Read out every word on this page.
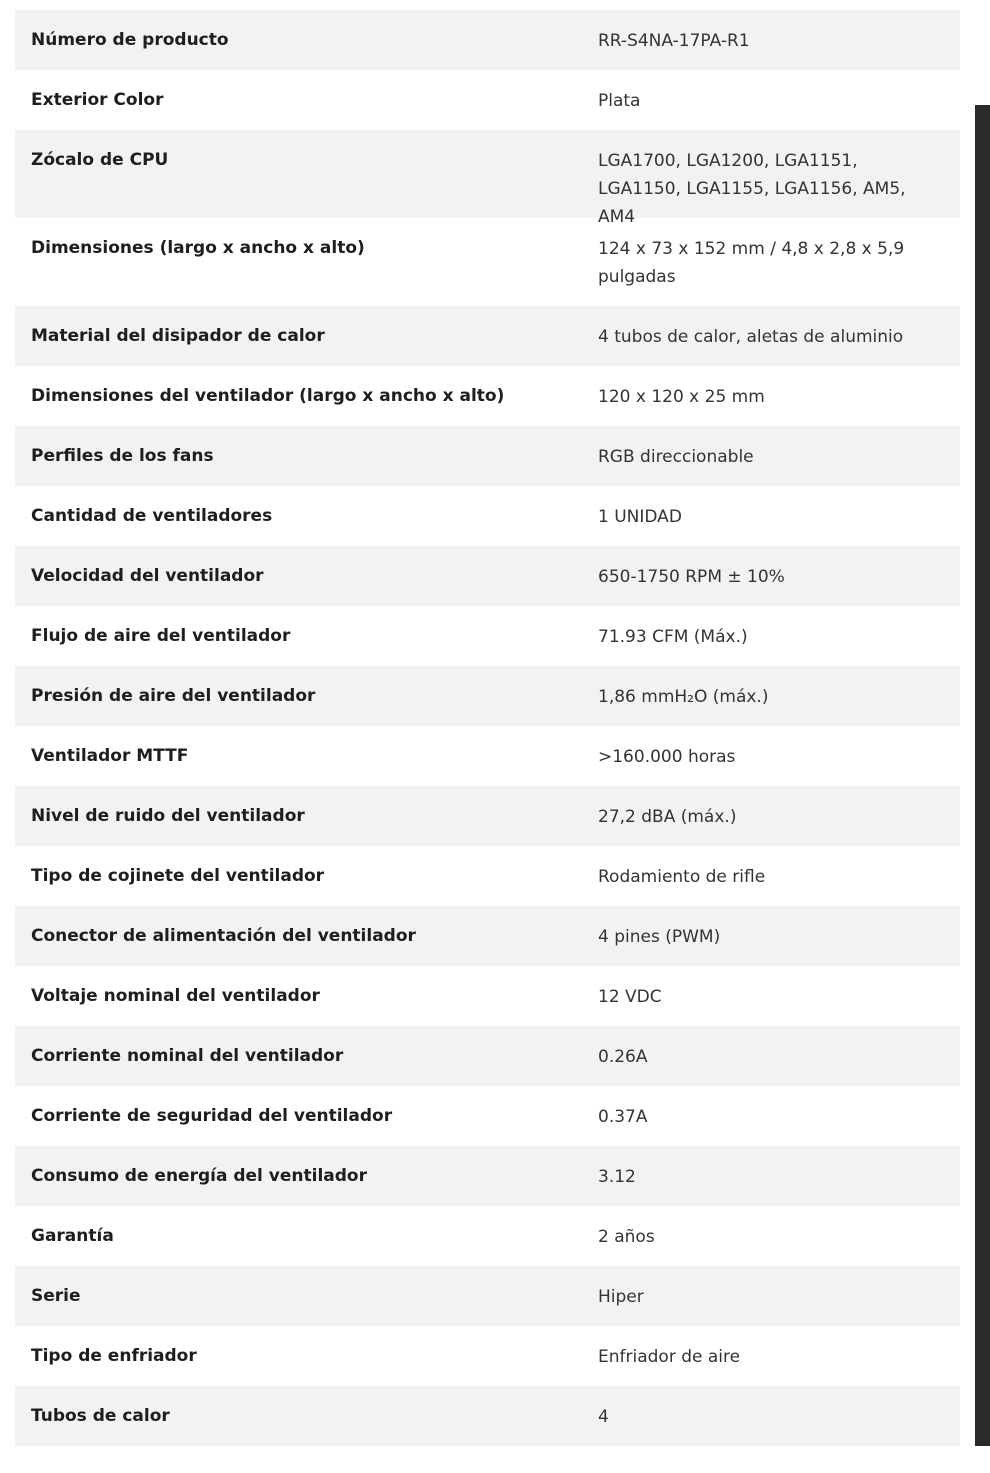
Número de producto	RR-S4NA-17PA-R1
Exterior Color	Plata
Zócalo de CPU	LGA1700, LGA1200, LGA1151, LGA1150, LGA1155, LGA1156, AM5, AM4
Dimensiones (largo x ancho x alto)	124 x 73 x 152 mm / 4,8 x 2,8 x 5,9 pulgadas
Material del disipador de calor	4 tubos de calor, aletas de aluminio
Dimensiones del ventilador (largo x ancho x alto)	120 x 120 x 25 mm
Perfiles de los fans	RGB direccionable
Cantidad de ventiladores	1 UNIDAD
Velocidad del ventilador	650-1750 RPM ± 10%
Flujo de aire del ventilador	71.93 CFM (Máx.)
Presión de aire del ventilador	1,86 mmH₂O (máx.)
Ventilador MTTF	>160.000 horas
Nivel de ruido del ventilador	27,2 dBA (máx.)
Tipo de cojinete del ventilador	Rodamiento de rifle
Conector de alimentación del ventilador	4 pines (PWM)
Voltaje nominal del ventilador	12 VDC
Corriente nominal del ventilador	0.26A
Corriente de seguridad del ventilador	0.37A
Consumo de energía del ventilador	3.12
Garantía	2 años
Serie	Hiper
Tipo de enfriador	Enfriador de aire
Tubos de calor	4
